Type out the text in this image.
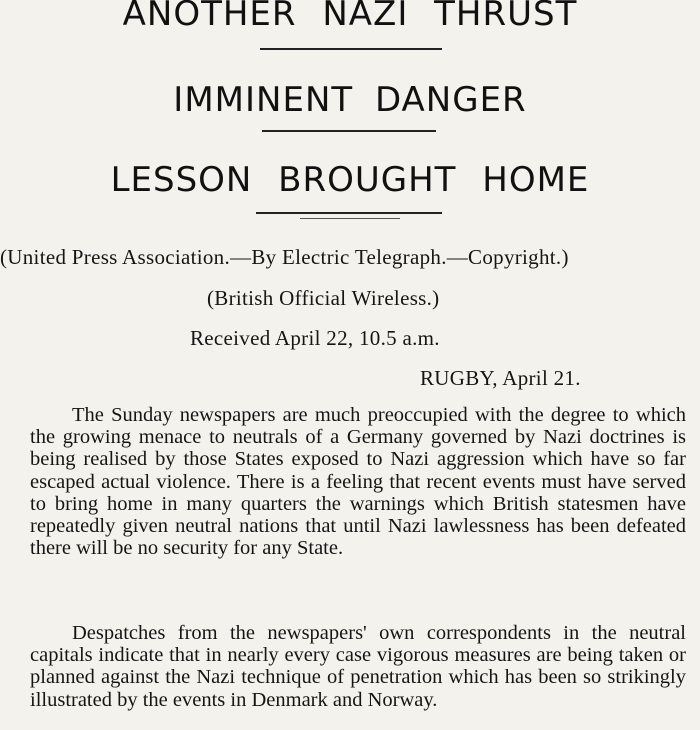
ANOTHER NAZI THRUST
IMMINENT DANGER
LESSON BROUGHT HOME
(United Press Association.—By Electric Telegraph.—Copyright.)
(British Official Wireless.)
Received April 22, 10.5 a.m.
RUGBY, April 21.
The Sunday newspapers are much preoccupied with the degree to which the growing menace to neutrals of a Germany governed by Nazi doctrines is being realised by those States exposed to Nazi aggression which have so far escaped actual violence. There is a feeling that recent events must have served to bring home in many quarters the warnings which British statesmen have repeatedly given neutral nations that until Nazi lawlessness has been defeated there will be no security for any State.
Despatches from the newspapers' own correspondents in the neutral capitals indicate that in nearly every case vigorous measures are being taken or planned against the Nazi technique of penetration which has been so strikingly illustrated by the events in Denmark and Norway.
